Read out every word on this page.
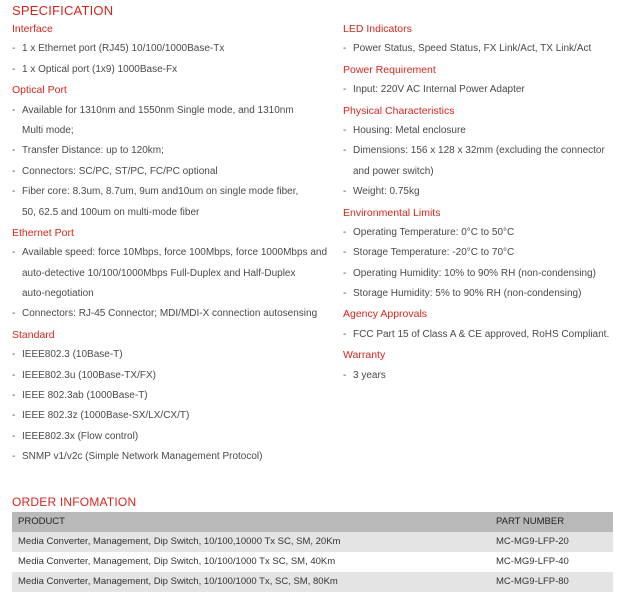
SPECIFICATION
Interface
- 1 x Ethernet port (RJ45) 10/100/1000Base-Tx
- 1 x Optical port (1x9) 1000Base-Fx
Optical Port
- Available for 1310nm and 1550nm Single mode, and 1310nm
Multi mode;
- Transfer Distance: up to 120km;
- Connectors: SC/PC, ST/PC, FC/PC optional
- Fiber core: 8.3um, 8.7um, 9um and10um on single mode fiber,
50, 62.5 and 100um on multi-mode fiber
Ethernet Port
- Available speed: force 10Mbps, force 100Mbps, force 1000Mbps and
auto-detective 10/100/1000Mbps Full-Duplex and Half-Duplex
auto-negotiation
- Connectors: RJ-45 Connector; MDI/MDI-X connection autosensing
Standard
- IEEE802.3 (10Base-T)
- IEEE802.3u (100Base-TX/FX)
- IEEE 802.3ab (1000Base-T)
- IEEE 802.3z (1000Base-SX/LX/CX/T)
- IEEE802.3x (Flow control)
- SNMP v1/v2c (Simple Network Management Protocol)
LED Indicators
- Power Status, Speed Status, FX Link/Act, TX Link/Act
Power Requirement
- Input: 220V AC Internal Power Adapter
Physical Characteristics
- Housing: Metal enclosure
- Dimensions: 156 x 128 x 32mm (excluding the connector
and power switch)
- Weight: 0.75kg
Environmental Limits
- Operating Temperature: 0°C to 50°C
- Storage Temperature: -20°C to 70°C
- Operating Humidity: 10% to 90% RH (non-condensing)
- Storage Humidity: 5% to 90% RH (non-condensing)
Agency Approvals
- FCC Part 15 of Class A & CE approved, RoHS Compliant.
Warranty
- 3 years
ORDER INFOMATION
PRODUCT	PART NUMBER
Media Converter, Management, Dip Switch, 10/100,10000 Tx SC, SM, 20Km	MC-MG9-LFP-20
Media Converter, Management, Dip Switch, 10/100/1000 Tx SC, SM, 40Km	MC-MG9-LFP-40
Media Converter, Management, Dip Switch, 10/100/1000 Tx, SC, SM, 80Km	MC-MG9-LFP-80
